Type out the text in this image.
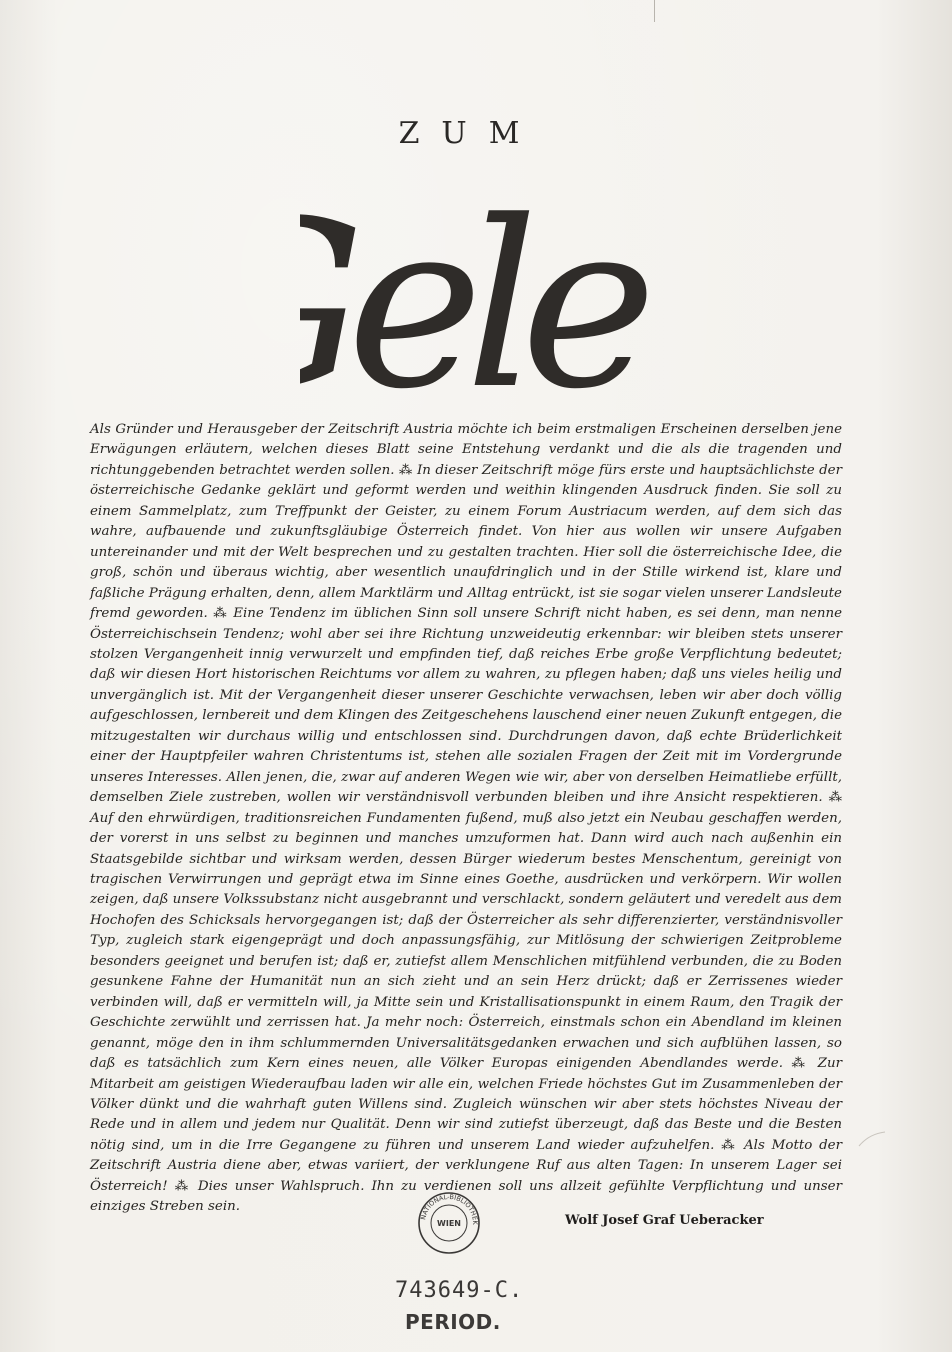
ZUM
ele
Als Gründer und Herausgeber der Zeitschrift Austria möchte ich beim erstmaligen Erscheinen derselben jene Erwägungen erläutern, welchen dieses Blatt seine Entstehung verdankt und die als die tragenden und richtunggebenden betrachtet werden sollen. ⁂ In dieser Zeitschrift möge fürs erste und hauptsächlichste der österreichische Gedanke geklärt und geformt werden und weithin klingenden Ausdruck finden. Sie soll zu einem Sammelplatz, zum Treffpunkt der Geister, zu einem Forum Austriacum werden, auf dem sich das wahre, aufbauende und zukunftsgläubige Österreich findet. Von hier aus wollen wir unsere Aufgaben untereinander und mit der Welt besprechen und zu gestalten trachten. Hier soll die österreichische Idee, die groß, schön und überaus wichtig, aber wesentlich unaufdringlich und in der Stille wirkend ist, klare und faßliche Prägung erhalten, denn, allem Marktlärm und Alltag entrückt, ist sie sogar vielen unserer Landsleute fremd geworden. ⁂ Eine Tendenz im üblichen Sinn soll unsere Schrift nicht haben, es sei denn, man nenne Österreichischsein Tendenz; wohl aber sei ihre Richtung unzweideutig erkennbar: wir bleiben stets unserer stolzen Vergangenheit innig verwurzelt und empfinden tief, daß reiches Erbe große Verpflichtung bedeutet; daß wir diesen Hort historischen Reichtums vor allem zu wahren, zu pflegen haben; daß uns vieles heilig und unvergänglich ist. Mit der Vergangenheit dieser unserer Geschichte verwachsen, leben wir aber doch völlig aufgeschlossen, lernbereit und dem Klingen des Zeitgeschehens lauschend einer neuen Zukunft entgegen, die mitzugestalten wir durchaus willig und entschlossen sind. Durchdrungen davon, daß echte Brüderlichkeit einer der Hauptpfeiler wahren Christentums ist, stehen alle sozialen Fragen der Zeit mit im Vordergrunde unseres Interesses. Allen jenen, die, zwar auf anderen Wegen wie wir, aber von derselben Heimatliebe erfüllt, demselben Ziele zustreben, wollen wir verständnisvoll verbunden bleiben und ihre Ansicht respektieren. ⁂ Auf den ehrwürdigen, traditionsreichen Fundamenten fußend, muß also jetzt ein Neubau geschaffen werden, der vorerst in uns selbst zu beginnen und manches umzuformen hat. Dann wird auch nach außenhin ein Staatsgebilde sichtbar und wirksam werden, dessen Bürger wiederum bestes Menschentum, gereinigt von tragischen Verwirrungen und geprägt etwa im Sinne eines Goethe, ausdrücken und verkörpern. Wir wollen zeigen, daß unsere Volkssubstanz nicht ausgebrannt und verschlackt, sondern geläutert und veredelt aus dem Hochofen des Schicksals hervorgegangen ist; daß der Österreicher als sehr differenzierter, verständnisvoller Typ, zugleich stark eigengeprägt und doch anpassungsfähig, zur Mitlösung der schwierigen Zeitprobleme besonders geeignet und berufen ist; daß er, zutiefst allem Menschlichen mitfühlend verbunden, die zu Boden gesunkene Fahne der Humanität nun an sich zieht und an sein Herz drückt; daß er Zerrissenes wieder verbinden will, daß er vermitteln will, ja Mitte sein und Kristallisationspunkt in einem Raum, den Tragik der Geschichte zerwühlt und zerrissen hat. Ja mehr noch: Österreich, einstmals schon ein Abendland im kleinen genannt, möge den in ihm schlummernden Universalitätsgedanken erwachen und sich aufblühen lassen, so daß es tatsächlich zum Kern eines neuen, alle Völker Europas einigenden Abendlandes werde. ⁂ Zur Mitarbeit am geistigen Wiederaufbau laden wir alle ein, welchen Friede höchstes Gut im Zusammenleben der Völker dünkt und die wahrhaft guten Willens sind. Zugleich wünschen wir aber stets höchstes Niveau der Rede und in allem und jedem nur Qualität. Denn wir sind zutiefst überzeugt, daß das Beste und die Besten nötig sind, um in die Irre Gegangene zu führen und unserem Land wieder aufzuhelfen. ⁂ Als Motto der Zeitschrift Austria diene aber, etwas variiert, der verklungene Ruf aus alten Tagen: In unserem Lager sei Österreich! ⁂ Dies unser Wahlspruch. Ihn zu verdienen soll uns allzeit gefühlte Verpflichtung und unser einziges Streben sein.
NATIONAL-BIBLIOTHEK
WIEN	Wolf Josef Graf Ueberacker
743649-C.
PERIOD.
